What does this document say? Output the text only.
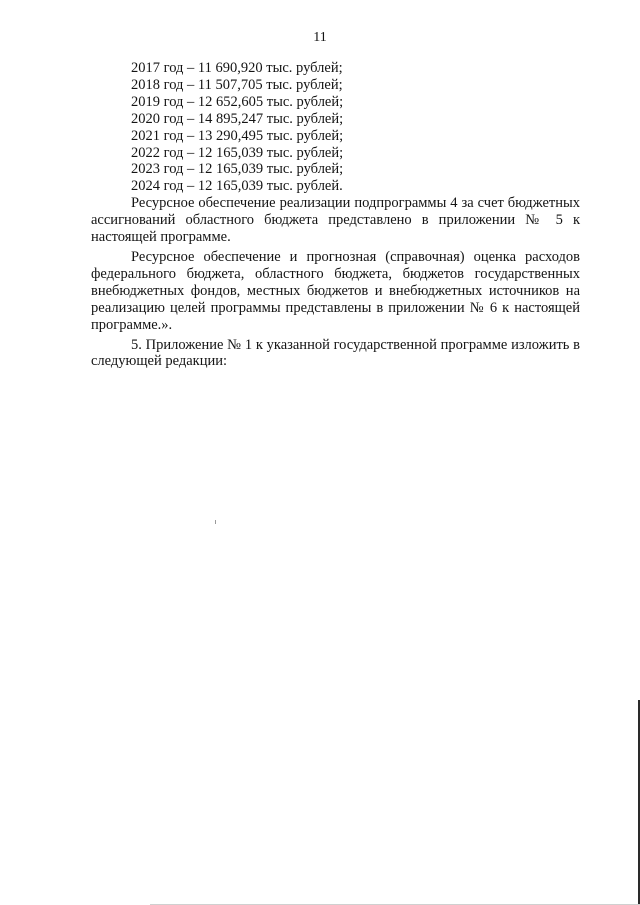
11
2017 год – 11 690,920 тыс. рублей;
2018 год – 11 507,705 тыс. рублей;
2019 год – 12 652,605 тыс. рублей;
2020 год – 14 895,247 тыс. рублей;
2021 год – 13 290,495 тыс. рублей;
2022 год – 12 165,039 тыс. рублей;
2023 год – 12 165,039 тыс. рублей;
2024 год – 12 165,039 тыс. рублей.

Ресурсное обеспечение реализации подпрограммы 4 за счет бюджетных ассигнований областного бюджета представлено в приложении № 5 к настоящей программе.

Ресурсное обеспечение и прогнозная (справочная) оценка расходов федерального бюджета, областного бюджета, бюджетов государственных внебюджетных фондов, местных бюджетов и внебюджетных источников на реализацию целей программы представлены в приложении № 6 к настоящей программе.».

5. Приложение № 1 к указанной государственной программе изложить в следующей редакции:
